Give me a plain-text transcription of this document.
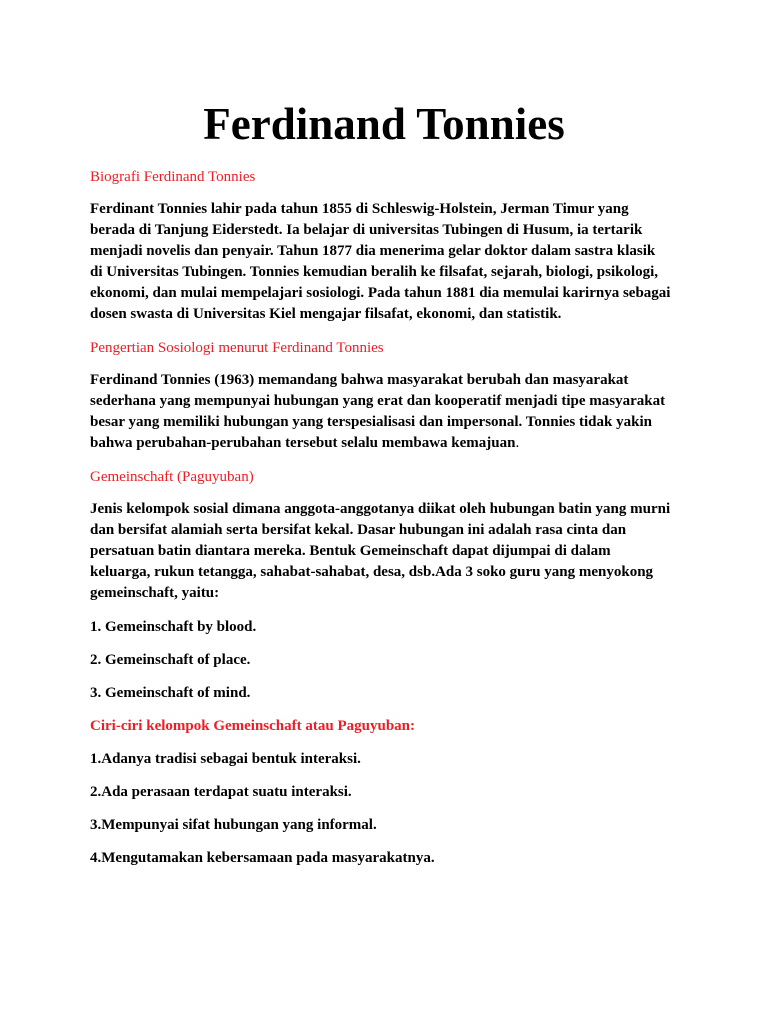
Ferdinand Tonnies

Biografi Ferdinand Tonnies

Ferdinant Tonnies lahir pada tahun 1855 di Schleswig-Holstein, Jerman Timur yang
berada di Tanjung Eiderstedt. Ia belajar di universitas Tubingen di Husum, ia tertarik
menjadi novelis dan penyair. Tahun 1877 dia menerima gelar doktor dalam sastra klasik
di Universitas Tubingen. Tonnies kemudian beralih ke filsafat, sejarah, biologi, psikologi,
ekonomi, dan mulai mempelajari sosiologi. Pada tahun 1881 dia memulai karirnya sebagai
dosen swasta di Universitas Kiel mengajar filsafat, ekonomi, dan statistik.

Pengertian Sosiologi menurut Ferdinand Tonnies

Ferdinand Tonnies (1963) memandang bahwa masyarakat berubah dan masyarakat
sederhana yang mempunyai hubungan yang erat dan kooperatif menjadi tipe masyarakat
besar yang memiliki hubungan yang terspesialisasi dan impersonal. Tonnies tidak yakin
bahwa perubahan-perubahan tersebut selalu membawa kemajuan.

Gemeinschaft (Paguyuban)

Jenis kelompok sosial dimana anggota-anggotanya diikat oleh hubungan batin yang murni
dan bersifat alamiah serta bersifat kekal. Dasar hubungan ini adalah rasa cinta dan
persatuan batin diantara mereka. Bentuk Gemeinschaft dapat dijumpai di dalam
keluarga, rukun tetangga, sahabat-sahabat, desa, dsb.Ada 3 soko guru yang menyokong
gemeinschaft, yaitu:

1. Gemeinschaft by blood.

2. Gemeinschaft of place.

3. Gemeinschaft of mind.

Ciri-ciri kelompok Gemeinschaft atau Paguyuban:

1.Adanya tradisi sebagai bentuk interaksi.

2.Ada perasaan terdapat suatu interaksi.

3.Mempunyai sifat hubungan yang informal.

4.Mengutamakan kebersamaan pada masyarakatnya.
